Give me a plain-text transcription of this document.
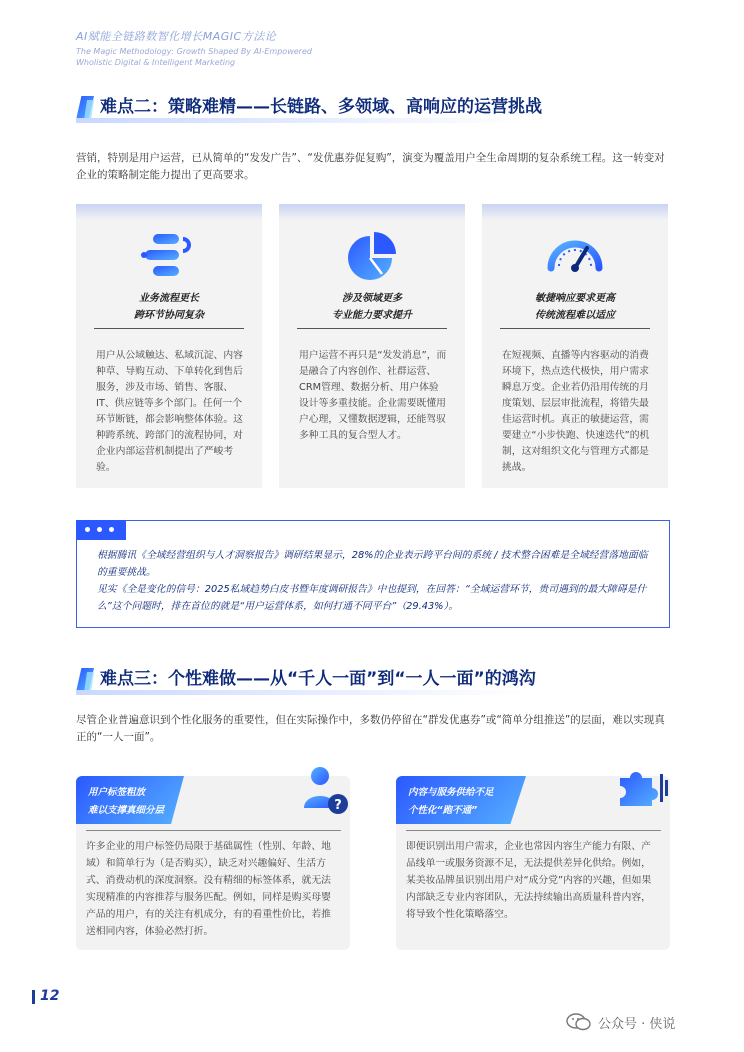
AI赋能全链路数智化增长MAGIC方法论
The Magic Methodology: Growth Shaped By AI-Empowered Wholistic Digital & Intelligent Marketing
难点二：策略难精——长链路、多领域、高响应的运营挑战
营销，特别是用户运营，已从简单的“发发广告”、“发优惠券促复购”，演变为覆盖用户全生命周期的复杂系统工程。这一转变对企业的策略制定能力提出了更高要求。
业务流程更长
跨环节协同复杂
用户从公域触达、私域沉淀、内容种草、导购互动、下单转化到售后服务，涉及市场、销售、客服、IT、供应链等多个部门。任何一个环节断链，都会影响整体体验。这种跨系统、跨部门的流程协同，对企业内部运营机制提出了严峻考验。
涉及领域更多
专业能力要求提升
用户运营不再只是“发发消息”，而是融合了内容创作、社群运营、CRM管理、数据分析、用户体验设计等多重技能。企业需要既懂用户心理，又懂数据逻辑，还能驾驭多种工具的复合型人才。
敏捷响应要求更高
传统流程难以适应
在短视频、直播等内容驱动的消费环境下，热点迭代极快，用户需求瞬息万变。企业若仍沿用传统的月度策划、层层审批流程，将错失最佳运营时机。真正的敏捷运营，需要建立“小步快跑、快速迭代”的机制，这对组织文化与管理方式都是挑战。
根据腾讯《全域经营组织与人才洞察报告》调研结果显示，28%的企业表示跨平台间的系统 / 技术整合困难是全域经营落地面临的重要挑战。
见实《全是变化的信号：2025私域趋势白皮书暨年度调研报告》中也提到，在回答：“全域运营环节，贵司遇到的最大障碍是什么”这个问题时，排在首位的就是“用户运营体系，如何打通不同平台”（29.43%）。
难点三：个性难做——从“千人一面”到“一人一面”的鸿沟
尽管企业普遍意识到个性化服务的重要性，但在实际操作中，多数仍停留在“群发优惠券”或“简单分组推送”的层面，难以实现真正的“一人一面”。
用户标签粗放
难以支撑真细分层
许多企业的用户标签仍局限于基础属性（性别、年龄、地域）和简单行为（是否购买），缺乏对兴趣偏好、生活方式、消费动机的深度洞察。没有精细的标签体系，就无法实现精准的内容推荐与服务匹配。例如，同样是购买母婴产品的用户，有的关注有机成分，有的看重性价比，若推送相同内容，体验必然打折。
?
内容与服务供给不足
个性化“跑不通”
即便识别出用户需求，企业也常因内容生产能力有限、产品线单一或服务资源不足，无法提供差异化供给。例如，某美妆品牌虽识别出用户对“成分党”内容的兴趣，但如果内部缺乏专业内容团队，无法持续输出高质量科普内容，将导致个性化策略落空。
12
公众号 · 侠说
